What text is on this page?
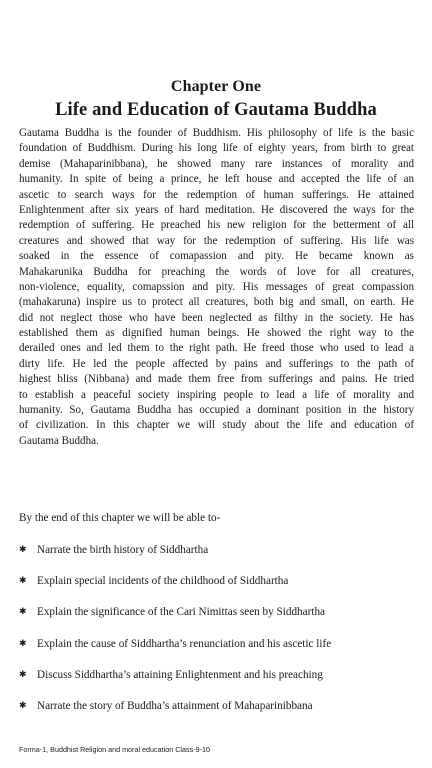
Chapter One
Life and Education of Gautama Buddha
Gautama Buddha is the founder of Buddhism. His philosophy of life is the basic
foundation of Buddhism. During his long life of eighty years, from birth to great
demise (Mahaparinibbana), he showed many rare instances of morality and
humanity. In spite of being a prince, he left house and accepted the life of an
ascetic to search ways for the redemption of human sufferings. He attained
Enlightenment after six years of hard meditation. He discovered the ways for the
redemption of suffering. He preached his new religion for the betterment of all
creatures and showed that way for the redemption of suffering. His life was
soaked in the essence of comapassion and pity. He became known as
Mahakarunika Buddha for preaching the words of love for all creatures,
non-violence, equality, comapssion and pity. His messages of great compassion
(mahakaruna) inspire us to protect all creatures, both big and small, on earth. He
did not neglect those who have been neglected as filthy in the society. He has
established them as dignified human beings. He showed the right way to the
derailed ones and led them to the right path. He freed those who used to lead a
dirty life. He led the people affected by pains and sufferings to the path of
highest bliss (Nibbana) and made them free from sufferings and pains. He tried
to establish a peaceful society inspiring people to lead a life of morality and
humanity. So, Gautama Buddha has occupied a dominant position in the history
of civilization. In this chapter we will study about the life and education of
Gautama Buddha.
By the end of this chapter we will be able to-
✱ Narrate the birth history of Siddhartha
✱ Explain special incidents of the childhood of Siddhartha
✱ Explain the significance of the Cari Nimittas seen by Siddhartha
✱ Explain the cause of Siddhartha’s renunciation and his ascetic life
✱ Discuss Siddhartha’s attaining Enlightenment and his preaching
✱ Narrate the story of Buddha’s attainment of Mahaparinibbana
Forma-1, Buddhist Religion and moral education Class-9-10
